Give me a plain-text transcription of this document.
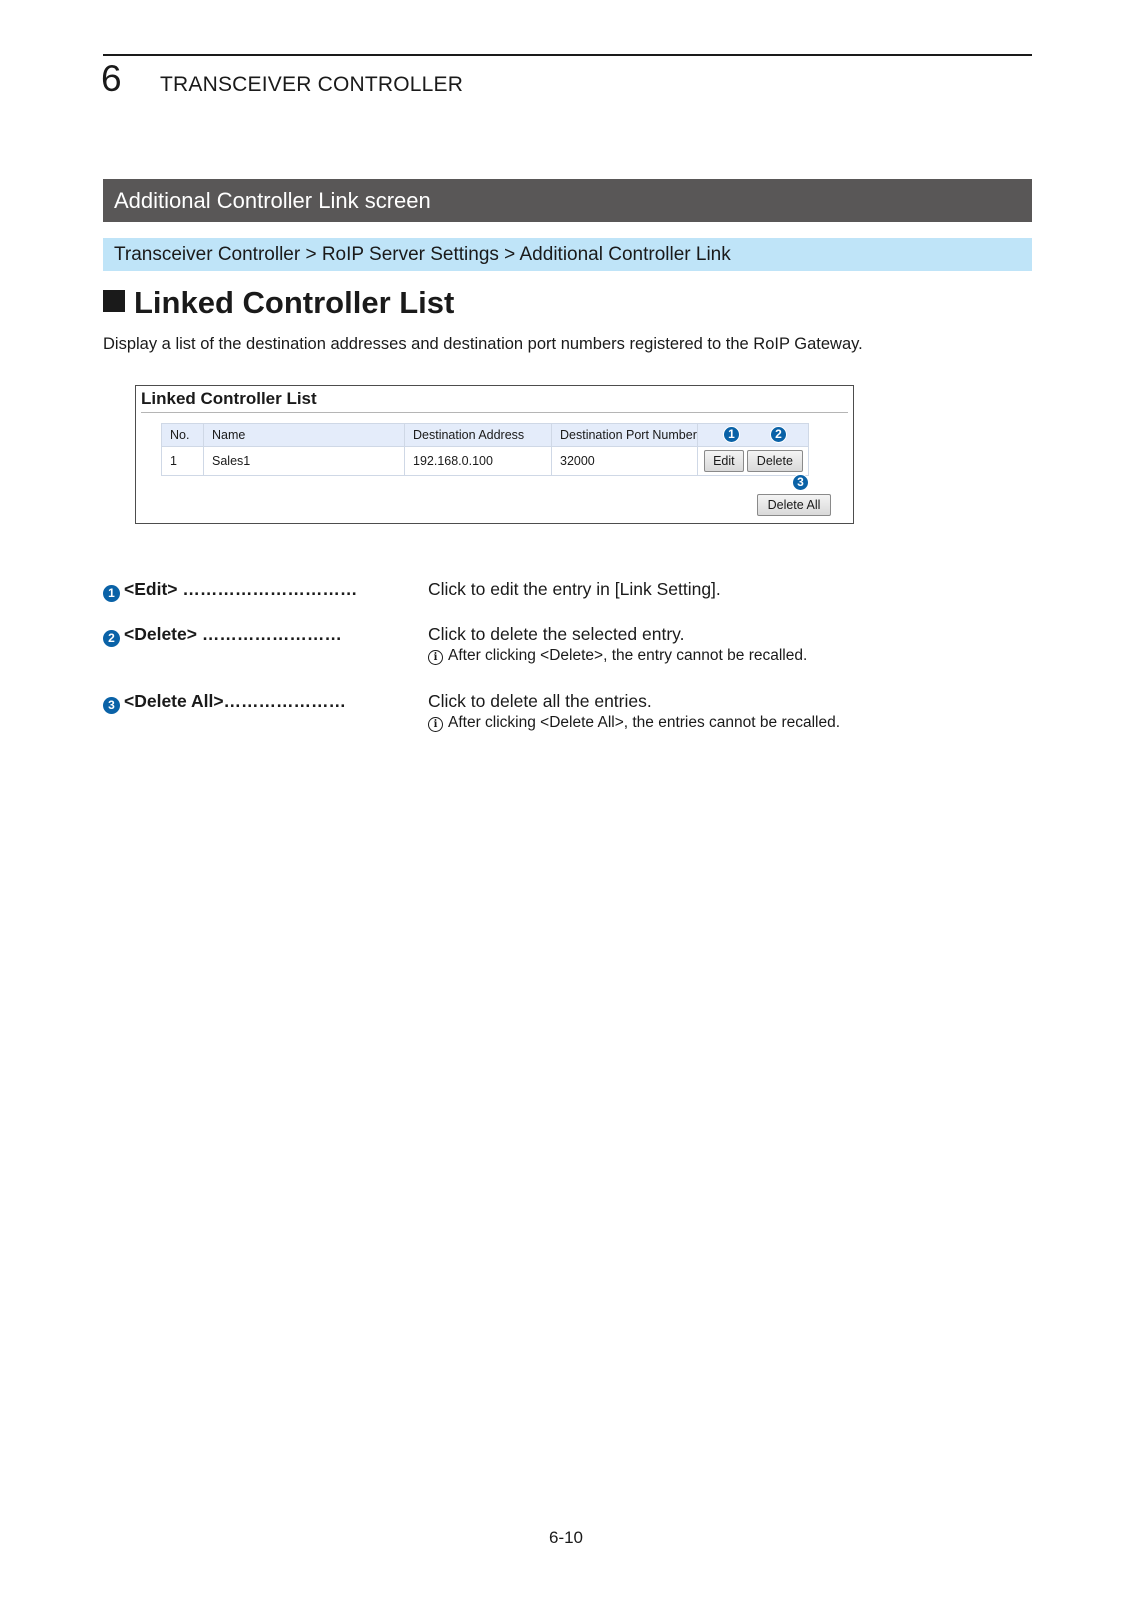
6 TRANSCEIVER CONTROLLER
Additional Controller Link screen
Transceiver Controller > RoIP Server Settings > Additional Controller Link
Linked Controller List
Display a list of the destination addresses and destination port numbers registered to the RoIP Gateway.
Linked Controller List
No.	Name	Destination Address	Destination Port Number	
1	Sales1	192.168.0.100	32000	Edit Delete
Delete All
1	2
3
1 <Edit> …………………………	Click to edit the entry in [Link Setting].
2 <Delete> ……………………	Click to delete the selected entry.
i After clicking <Delete>, the entry cannot be recalled.
3 <Delete All>…………………	Click to delete all the entries.
i After clicking <Delete All>, the entries cannot be recalled.
6-10
